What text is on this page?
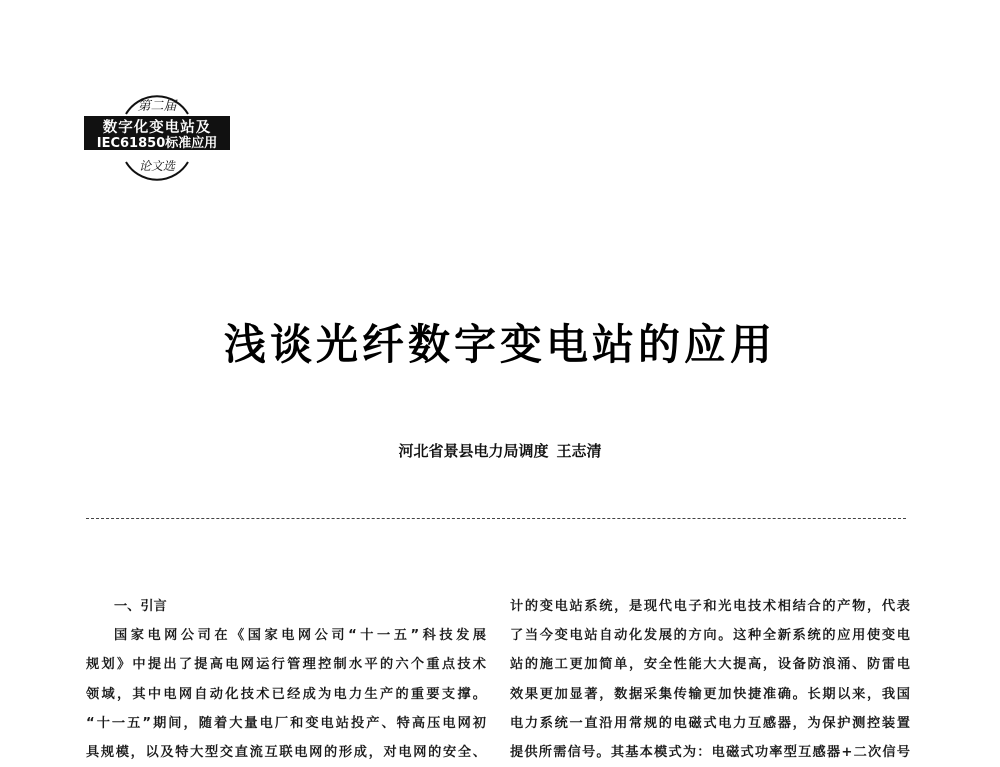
第二届
数字化变电站及
IEC61850标准应用
论文选
浅谈光纤数字变电站的应用

河北省景县电力局调度 王志清

一、引言
国家电网公司在《国家电网公司“十一五”科技发展
规划》中提出了提高电网运行管理控制水平的六个重点技术
领域，其中电网自动化技术已经成为电力生产的重要支撑。
“十一五”期间，随着大量电厂和变电站投产、特高压电网初
具规模，以及特大型交直流互联电网的形成，对电网的安全、
计的变电站系统，是现代电子和光电技术相结合的产物，代表
了当今变电站自动化发展的方向。这种全新系统的应用使变电
站的施工更加简单，安全性能大大提高，设备防浪涌、防雷电
效果更加显著，数据采集传输更加快捷准确。长期以来，我国
电力系统一直沿用常规的电磁式电力互感器，为保护测控装置
提供所需信号。其基本模式为：电磁式功率型互感器+二次信号
